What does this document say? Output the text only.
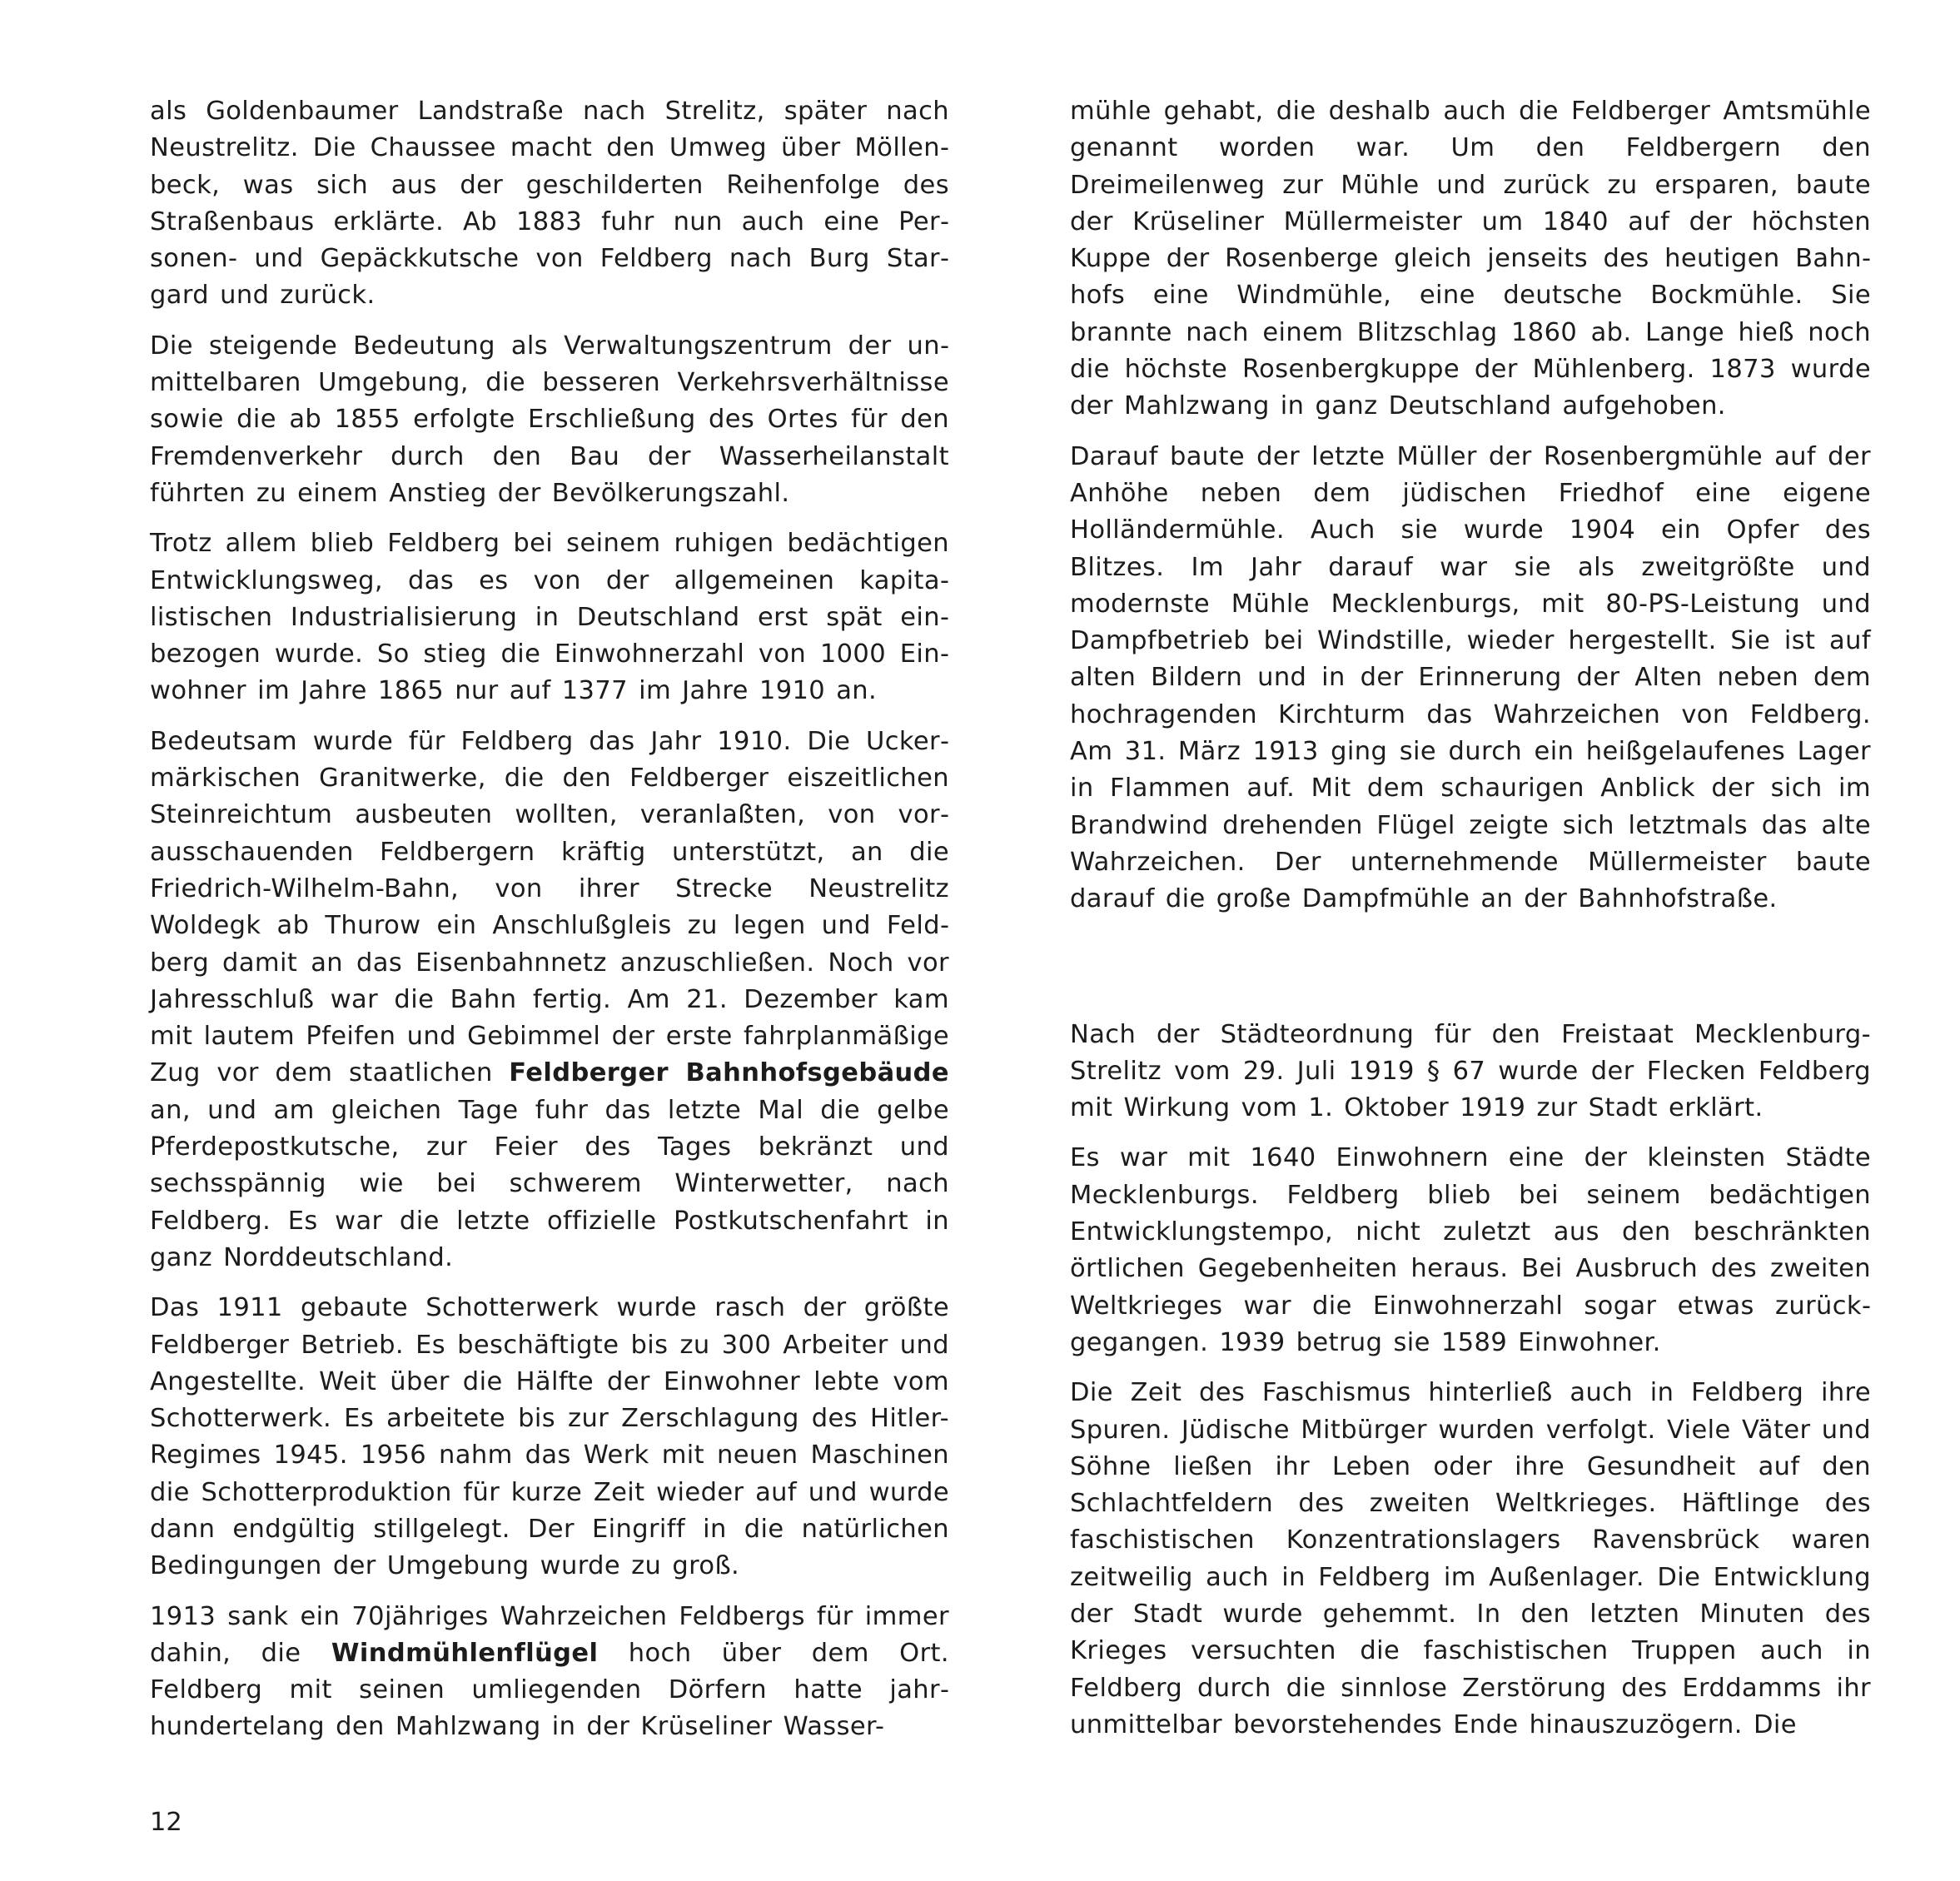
als Goldenbaumer Landstraße nach Strelitz, später nach Neustrelitz. Die Chaussee macht den Umweg über Möllenbeck, was sich aus der geschilderten Reihenfolge des Straßenbaus erklärte. Ab 1883 fuhr nun auch eine Personen- und Gepäckkutsche von Feldberg nach Burg Stargard und zurück.

Die steigende Bedeutung als Verwaltungszentrum der unmittelbaren Umgebung, die besseren Verkehrsverhältnisse sowie die ab 1855 erfolgte Erschließung des Ortes für den Fremdenverkehr durch den Bau der Wasserheilanstalt führten zu einem Anstieg der Bevölkerungszahl.

Trotz allem blieb Feldberg bei seinem ruhigen bedächtigen Entwicklungsweg, das es von der allgemeinen kapitalistischen Industrialisierung in Deutschland erst spät einbezogen wurde. So stieg die Einwohnerzahl von 1000 Einwohner im Jahre 1865 nur auf 1377 im Jahre 1910 an.

Bedeutsam wurde für Feldberg das Jahr 1910. Die Uckermärkischen Granitwerke, die den Feldberger eiszeitlichen Steinreichtum ausbeuten wollten, veranlaßten, von vorausschauenden Feldbergern kräftig unterstützt, an die Friedrich-Wilhelm-Bahn, von ihrer Strecke Neustrelitz Woldegk ab Thurow ein Anschlußgleis zu legen und Feldberg damit an das Eisenbahnnetz anzuschließen. Noch vor Jahresschluß war die Bahn fertig. Am 21. Dezember kam mit lautem Pfeifen und Gebimmel der erste fahrplanmäßige Zug vor dem staatlichen Feldberger Bahnhofsgebäude an, und am gleichen Tage fuhr das letzte Mal die gelbe Pferdepostkutsche, zur Feier des Tages bekränzt und sechsspännig wie bei schwerem Winterwetter, nach Feldberg. Es war die letzte offizielle Postkutschenfahrt in ganz Norddeutschland.

Das 1911 gebaute Schotterwerk wurde rasch der größte Feldberger Betrieb. Es beschäftigte bis zu 300 Arbeiter und Angestellte. Weit über die Hälfte der Einwohner lebte vom Schotterwerk. Es arbeitete bis zur Zerschlagung des Hitler-Regimes 1945. 1956 nahm das Werk mit neuen Maschinen die Schotterproduktion für kurze Zeit wieder auf und wurde dann endgültig stillgelegt. Der Eingriff in die natürlichen Bedingungen der Umgebung wurde zu groß.

1913 sank ein 70jähriges Wahrzeichen Feldbergs für immer dahin, die Windmühlenflügel hoch über dem Ort. Feldberg mit seinen umliegenden Dörfern hatte jahrhundertelang den Mahlzwang in der Krüseliner Wasser-

mühle gehabt, die deshalb auch die Feldberger Amtsmühle genannt worden war. Um den Feldbergern den Dreimeilenweg zur Mühle und zurück zu ersparen, baute der Krüseliner Müllermeister um 1840 auf der höchsten Kuppe der Rosenberge gleich jenseits des heutigen Bahnhofs eine Windmühle, eine deutsche Bockmühle. Sie brannte nach einem Blitzschlag 1860 ab. Lange hieß noch die höchste Rosenbergkuppe der Mühlenberg. 1873 wurde der Mahlzwang in ganz Deutschland aufgehoben.

Darauf baute der letzte Müller der Rosenbergmühle auf der Anhöhe neben dem jüdischen Friedhof eine eigene Holländermühle. Auch sie wurde 1904 ein Opfer des Blitzes. Im Jahr darauf war sie als zweitgrößte und modernste Mühle Mecklenburgs, mit 80-PS-Leistung und Dampfbetrieb bei Windstille, wieder hergestellt. Sie ist auf alten Bildern und in der Erinnerung der Alten neben dem hochragenden Kirchturm das Wahrzeichen von Feldberg. Am 31. März 1913 ging sie durch ein heißgelaufenes Lager in Flammen auf. Mit dem schaurigen Anblick der sich im Brandwind drehenden Flügel zeigte sich letztmals das alte Wahrzeichen. Der unternehmende Müllermeister baute darauf die große Dampfmühle an der Bahnhofstraße.

Nach der Städteordnung für den Freistaat Mecklenburg-Strelitz vom 29. Juli 1919 § 67 wurde der Flecken Feldberg mit Wirkung vom 1. Oktober 1919 zur Stadt erklärt.

Es war mit 1640 Einwohnern eine der kleinsten Städte Mecklenburgs. Feldberg blieb bei seinem bedächtigen Entwicklungstempo, nicht zuletzt aus den beschränkten örtlichen Gegebenheiten heraus. Bei Ausbruch des zweiten Weltkrieges war die Einwohnerzahl sogar etwas zurückgegangen. 1939 betrug sie 1589 Einwohner.

Die Zeit des Faschismus hinterließ auch in Feldberg ihre Spuren. Jüdische Mitbürger wurden verfolgt. Viele Väter und Söhne ließen ihr Leben oder ihre Gesundheit auf den Schlachtfeldern des zweiten Weltkrieges. Häftlinge des faschistischen Konzentrationslagers Ravensbrück waren zeitweilig auch in Feldberg im Außenlager. Die Entwicklung der Stadt wurde gehemmt. In den letzten Minuten des Krieges versuchten die faschistischen Truppen auch in Feldberg durch die sinnlose Zerstörung des Erddamms ihr unmittelbar bevorstehendes Ende hinauszuzögern. Die

12
